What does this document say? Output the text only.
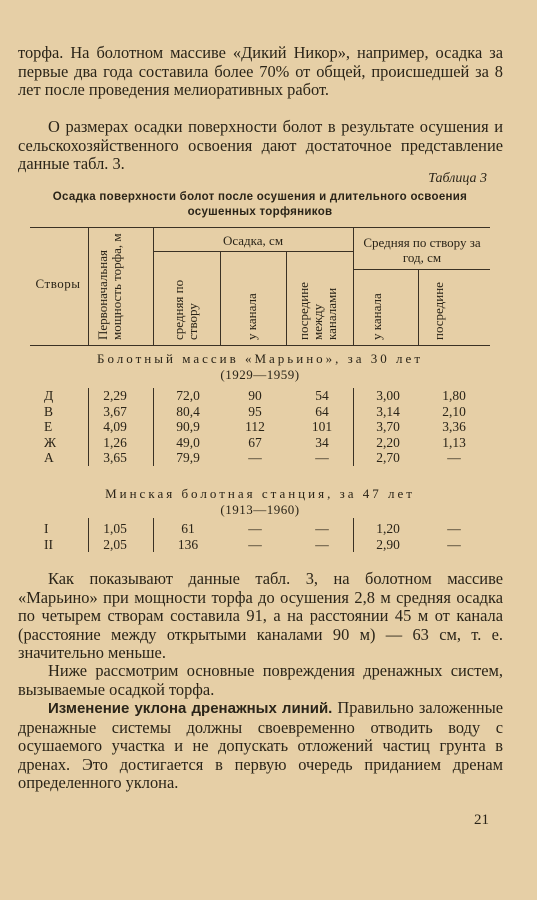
торфа. На болотном массиве «Дикий Никор», например, осадка за первые два года составила более 70% от общей, происшедшей за 8 лет после проведения мелиоративных работ.

О размерах осадки поверхности болот в результате осушения и сельскохозяйственного освоения дают достаточное представление данные табл. 3.

Таблица 3
Осадка поверхности болот после осушения и длительного освоения осушенных торфяников
Створы	Первоначальная мощность торфа, м	Осадка, см	Средняя по створу за год, см
средняя по створу	у канала	посредине между каналами	у канала	посредине
Болотный массив «Марьино», за 30 лет
(1929—1959)
Д	2,29	72,0	90	54	3,00	1,80
В	3,67	80,4	95	64	3,14	2,10
Е	4,09	90,9	112	101	3,70	3,36
Ж	1,26	49,0	67	34	2,20	1,13
А	3,65	79,9	—	—	2,70	—
Минская болотная станция, за 47 лет
(1913—1960)
I	1,05	61	—	—	1,20	—
II	2,05	136	—	—	2,90	—

Как показывают данные табл. 3, на болотном массиве «Марьино» при мощности торфа до осушения 2,8 м средняя осадка по четырем створам составила 91, а на расстоянии 45 м от канала (расстояние между открытыми каналами 90 м) — 63 см, т. е. значительно меньше.

Ниже рассмотрим основные повреждения дренажных систем, вызываемые осадкой торфа.

Изменение уклона дренажных линий. Правильно заложенные дренажные системы должны своевременно отводить воду с осушаемого участка и не допускать отложений частиц грунта в дренах. Это достигается в первую очередь приданием дренам определенного уклона.

21
